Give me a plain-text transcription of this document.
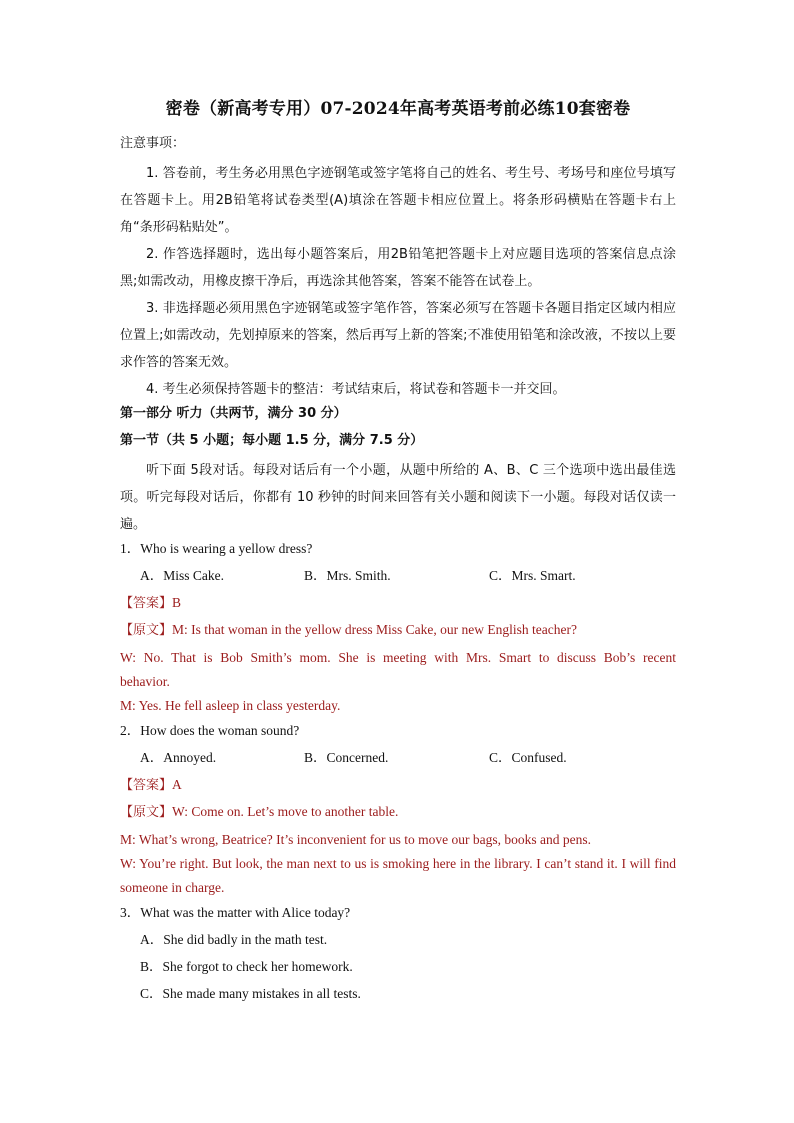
密卷（新高考专用）07-2024年高考英语考前必练10套密卷
注意事项：

1. 答卷前，考生务必用黑色字迹钢笔或签字笔将自己的姓名、考生号、考场号和座位号填写在答题卡上。用2B铅笔将试卷类型(A)填涂在答题卡相应位置上。将条形码横贴在答题卡右上角“条形码粘贴处”。

2. 作答选择题时，选出每小题答案后，用2B铅笔把答题卡上对应题目选项的答案信息点涂黑;如需改动，用橡皮擦干净后，再选涂其他答案，答案不能答在试卷上。

3. 非选择题必须用黑色字迹钢笔或签字笔作答，答案必须写在答题卡各题目指定区域内相应位置上;如需改动，先划掉原来的答案，然后再写上新的答案;不准使用铅笔和涂改液，不按以上要求作答的答案无效。

4. 考生必须保持答题卡的整洁：考试结束后，将试卷和答题卡一并交回。

第一部分 听力（共两节，满分 30 分）
第一节（共 5 小题；每小题 1.5 分，满分 7.5 分）

听下面 5段对话。每段对话后有一个小题，从题中所给的 A、B、C 三个选项中选出最佳选项。听完每段对话后，你都有 10 秒钟的时间来回答有关小题和阅读下一小题。每段对话仅读一遍。

1．Who is wearing a yellow dress?
A．Miss Cake.	B．Mrs. Smith.	C．Mrs. Smart.
【答案】B
【原文】M: Is that woman in the yellow dress Miss Cake, our new English teacher?

W: No. That is Bob Smith’s mom. She is meeting with Mrs. Smart to discuss Bob’s recent behavior.

M: Yes. He fell asleep in class yesterday.

2．How does the woman sound?
A．Annoyed.	B．Concerned.	C．Confused.
【答案】A
【原文】W: Come on. Let’s move to another table.

M: What’s wrong, Beatrice? It’s inconvenient for us to move our bags, books and pens.

W: You’re right. But look, the man next to us is smoking here in the library. I can’t stand it. I will find someone in charge.

3．What was the matter with Alice today?
A．She did badly in the math test.
B．She forgot to check her homework.
C．She made many mistakes in all tests.
